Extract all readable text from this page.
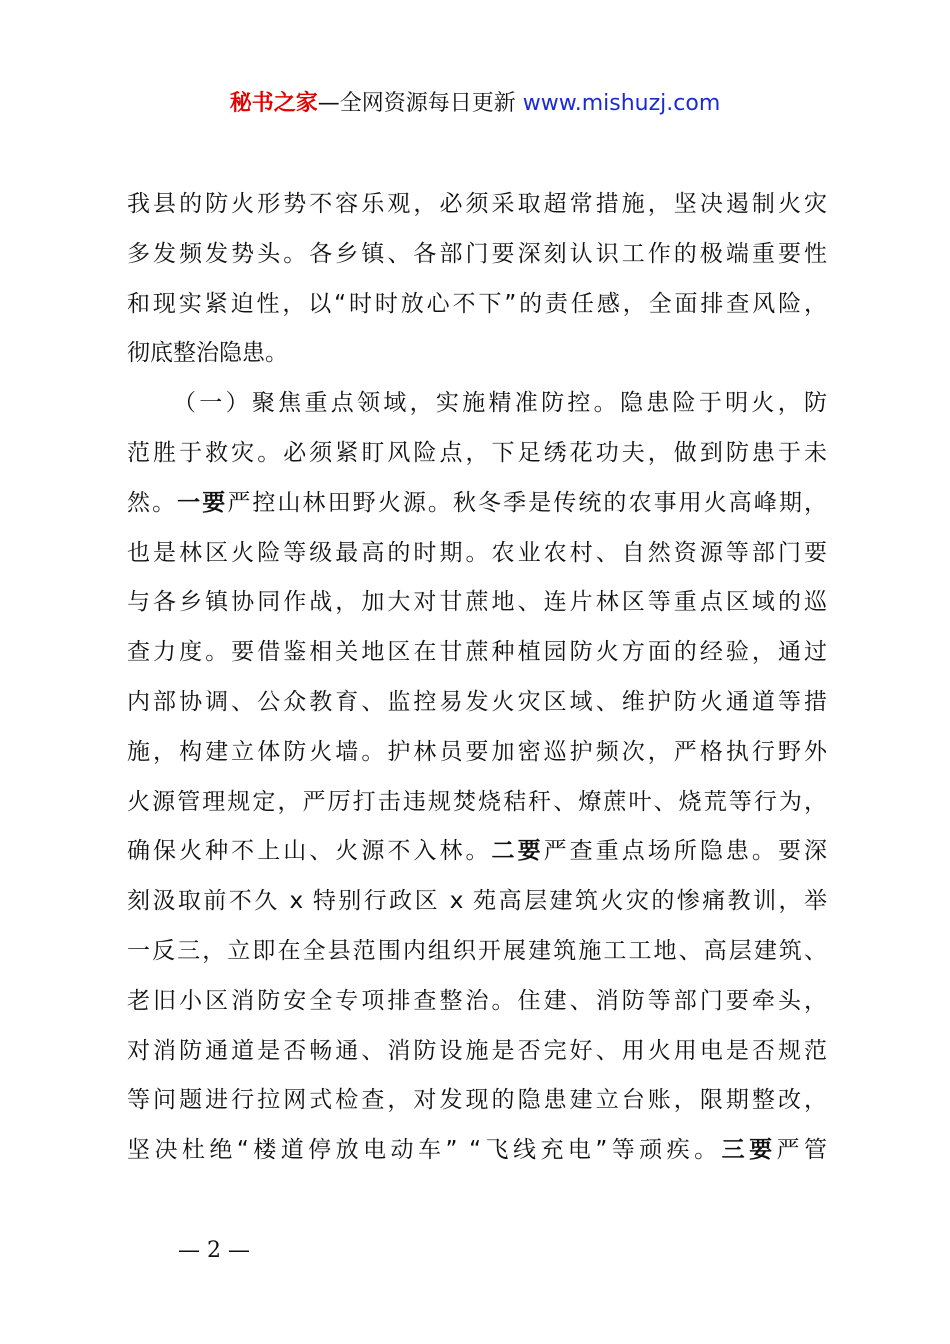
秘书之家—全网资源每日更新 www.mishuzj.com
我县的防火形势不容乐观，必须采取超常措施，坚决遏制火灾
多发频发势头。各乡镇、各部门要深刻认识工作的极端重要性
和现实紧迫性，以“时时放心不下”的责任感，全面排查风险，
彻底整治隐患。
（一）聚焦重点领域，实施精准防控。隐患险于明火，防
范胜于救灾。必须紧盯风险点，下足绣花功夫，做到防患于未
然。一要严控山林田野火源。秋冬季是传统的农事用火高峰期，
也是林区火险等级最高的时期。农业农村、自然资源等部门要
与各乡镇协同作战，加大对甘蔗地、连片林区等重点区域的巡
查力度。要借鉴相关地区在甘蔗种植园防火方面的经验，通过
内部协调、公众教育、监控易发火灾区域、维护防火通道等措
施，构建立体防火墙。护林员要加密巡护频次，严格执行野外
火源管理规定，严厉打击违规焚烧秸秆、燎蔗叶、烧荒等行为，
确保火种不上山、火源不入林。二要严查重点场所隐患。要深
刻汲取前不久 x 特别行政区 x 苑高层建筑火灾的惨痛教训，举
一反三，立即在全县范围内组织开展建筑施工工地、高层建筑、
老旧小区消防安全专项排查整治。住建、消防等部门要牵头，
对消防通道是否畅通、消防设施是否完好、用火用电是否规范
等问题进行拉网式检查，对发现的隐患建立台账，限期整改，
坚决杜绝“楼道停放电动车” “飞线充电”等顽疾。三要严管
— 2 —
